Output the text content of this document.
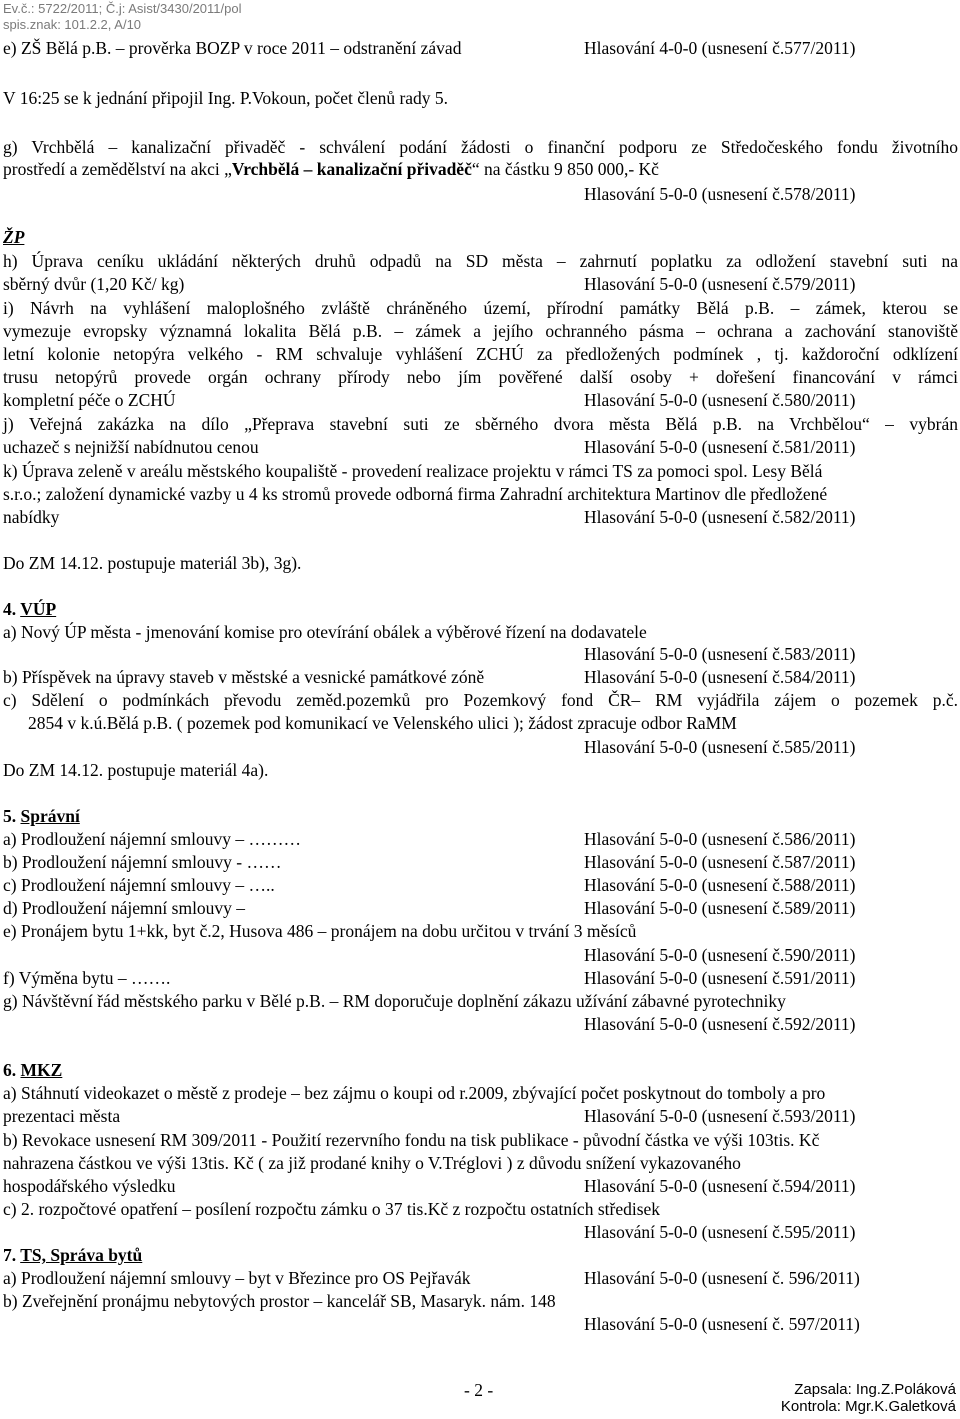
Ev.č.: 5722/2011; Č.j: Asist/3430/2011/pol
spis.znak: 101.2.2, A/10
e) ZŠ Bělá p.B. – prověrka BOZP v roce 2011 – odstranění závad	Hlasování 4-0-0 (usnesení č.577/2011)
V 16:25 se k jednání připojil Ing. P.Vokoun, počet členů rady 5.
g) Vrchbělá – kanalizační přivaděč - schválení podání žádosti o finanční podporu ze Středočeského fondu životního
prostředí a zemědělství na akci „Vrchbělá – kanalizační přivaděč“ na částku 9 850 000,- Kč
Hlasování 5-0-0 (usnesení č.578/2011)
ŽP
h) Úprava ceníku ukládání některých druhů odpadů na SD města – zahrnutí poplatku za odložení stavební suti na
sběrný dvůr (1,20 Kč/ kg)	Hlasování 5-0-0 (usnesení č.579/2011)
i) Návrh na vyhlášení maloplošného zvláště chráněného území, přírodní památky Bělá p.B. – zámek, kterou se
vymezuje evropsky významná lokalita Bělá p.B. – zámek a jejího ochranného pásma – ochrana a zachování stanoviště
letní kolonie netopýra velkého - RM schvaluje vyhlášení ZCHÚ za předložených podmínek , tj. každoroční odklízení
trusu netopýrů provede orgán ochrany přírody nebo jím pověřené další osoby + dořešení financování v rámci
kompletní péče o ZCHÚ	Hlasování 5-0-0 (usnesení č.580/2011)
j) Veřejná zakázka na dílo „Přeprava stavební suti ze sběrného dvora města Bělá p.B. na Vrchbělou“ – vybrán
uchazeč s nejnižší nabídnutou cenou	Hlasování 5-0-0 (usnesení č.581/2011)
k) Úprava zeleně v areálu městského koupaliště - provedení realizace projektu v rámci TS za pomoci spol. Lesy Bělá
s.r.o.; založení dynamické vazby u 4 ks stromů provede odborná firma Zahradní architektura Martinov dle předložené
nabídky	Hlasování 5-0-0 (usnesení č.582/2011)
Do ZM 14.12. postupuje materiál 3b), 3g).
4. VÚP
a) Nový ÚP města - jmenování komise pro otevírání obálek a výběrové řízení na dodavatele
Hlasování 5-0-0 (usnesení č.583/2011)
b) Příspěvek na úpravy staveb v městské a vesnické památkové zóně	Hlasování 5-0-0 (usnesení č.584/2011)
c) Sdělení o podmínkách převodu zeměd.pozemků pro Pozemkový fond ČR– RM vyjádřila zájem o pozemek p.č.
2854 v k.ú.Bělá p.B. ( pozemek pod komunikací ve Velenského ulici ); žádost zpracuje odbor RaMM
Hlasování 5-0-0 (usnesení č.585/2011)
Do ZM 14.12. postupuje materiál 4a).
5. Správní
a) Prodloužení nájemní smlouvy – ………	Hlasování 5-0-0 (usnesení č.586/2011)
b) Prodloužení nájemní smlouvy - ……	Hlasování 5-0-0 (usnesení č.587/2011)
c) Prodloužení nájemní smlouvy – …..	Hlasování 5-0-0 (usnesení č.588/2011)
d) Prodloužení nájemní smlouvy –	Hlasování 5-0-0 (usnesení č.589/2011)
e) Pronájem bytu 1+kk, byt č.2, Husova 486 – pronájem na dobu určitou v trvání 3 měsíců
Hlasování 5-0-0 (usnesení č.590/2011)
f) Výměna bytu – …….	Hlasování 5-0-0 (usnesení č.591/2011)
g) Návštěvní řád městského parku v Bělé p.B. – RM doporučuje doplnění zákazu užívání zábavné pyrotechniky
Hlasování 5-0-0 (usnesení č.592/2011)
6. MKZ
a) Stáhnutí videokazet o městě z prodeje – bez zájmu o koupi od r.2009, zbývající počet poskytnout do tomboly a pro
prezentaci města	Hlasování 5-0-0 (usnesení č.593/2011)
b) Revokace usnesení RM 309/2011 - Použití rezervního fondu na tisk publikace - původní částka ve výši 103tis. Kč
nahrazena částkou ve výši 13tis. Kč ( za již prodané knihy o V.Tréglovi ) z důvodu snížení vykazovaného
hospodářského výsledku	Hlasování 5-0-0 (usnesení č.594/2011)
c) 2. rozpočtové opatření – posílení rozpočtu zámku o 37 tis.Kč z rozpočtu ostatních středisek
Hlasování 5-0-0 (usnesení č.595/2011)
7. TS, Správa bytů
a) Prodloužení nájemní smlouvy – byt v Březince pro OS Pejřavák	Hlasování 5-0-0 (usnesení č. 596/2011)
b) Zveřejnění pronájmu nebytových prostor – kancelář SB, Masaryk. nám. 148
Hlasování 5-0-0 (usnesení č. 597/2011)
- 2 -	Zapsala: Ing.Z.Poláková
Kontrola: Mgr.K.Galetková
